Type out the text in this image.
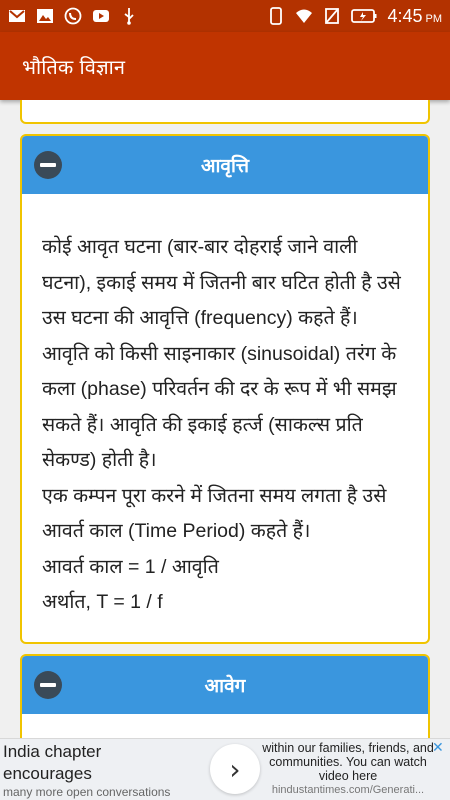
4:45 PM
भौतिक विज्ञान
आवृत्ति

कोई आवृत घटना (बार-बार दोहराई जाने वाली घटना), इकाई समय में जितनी बार घटित होती है उसे उस घटना की आवृत्ति (frequency) कहते हैं। आवृति को किसी साइनाकार (sinusoidal) तरंग के कला (phase) परिवर्तन की दर के रूप में भी समझ सकते हैं। आवृति की इकाई हर्त्ज (साकल्स प्रति सेकण्ड) होती है।

एक कम्पन पूरा करने में जितना समय लगता है उसे आवर्त काल (Time Period) कहते हैं।

आवर्त काल = 1 / आवृति

अर्थात, T = 1 / f

आवेग
India chapter
encourages
many more open conversations
›
within our families, friends, and communities. You can watch video here
hindustantimes.com/Generati...
✕
